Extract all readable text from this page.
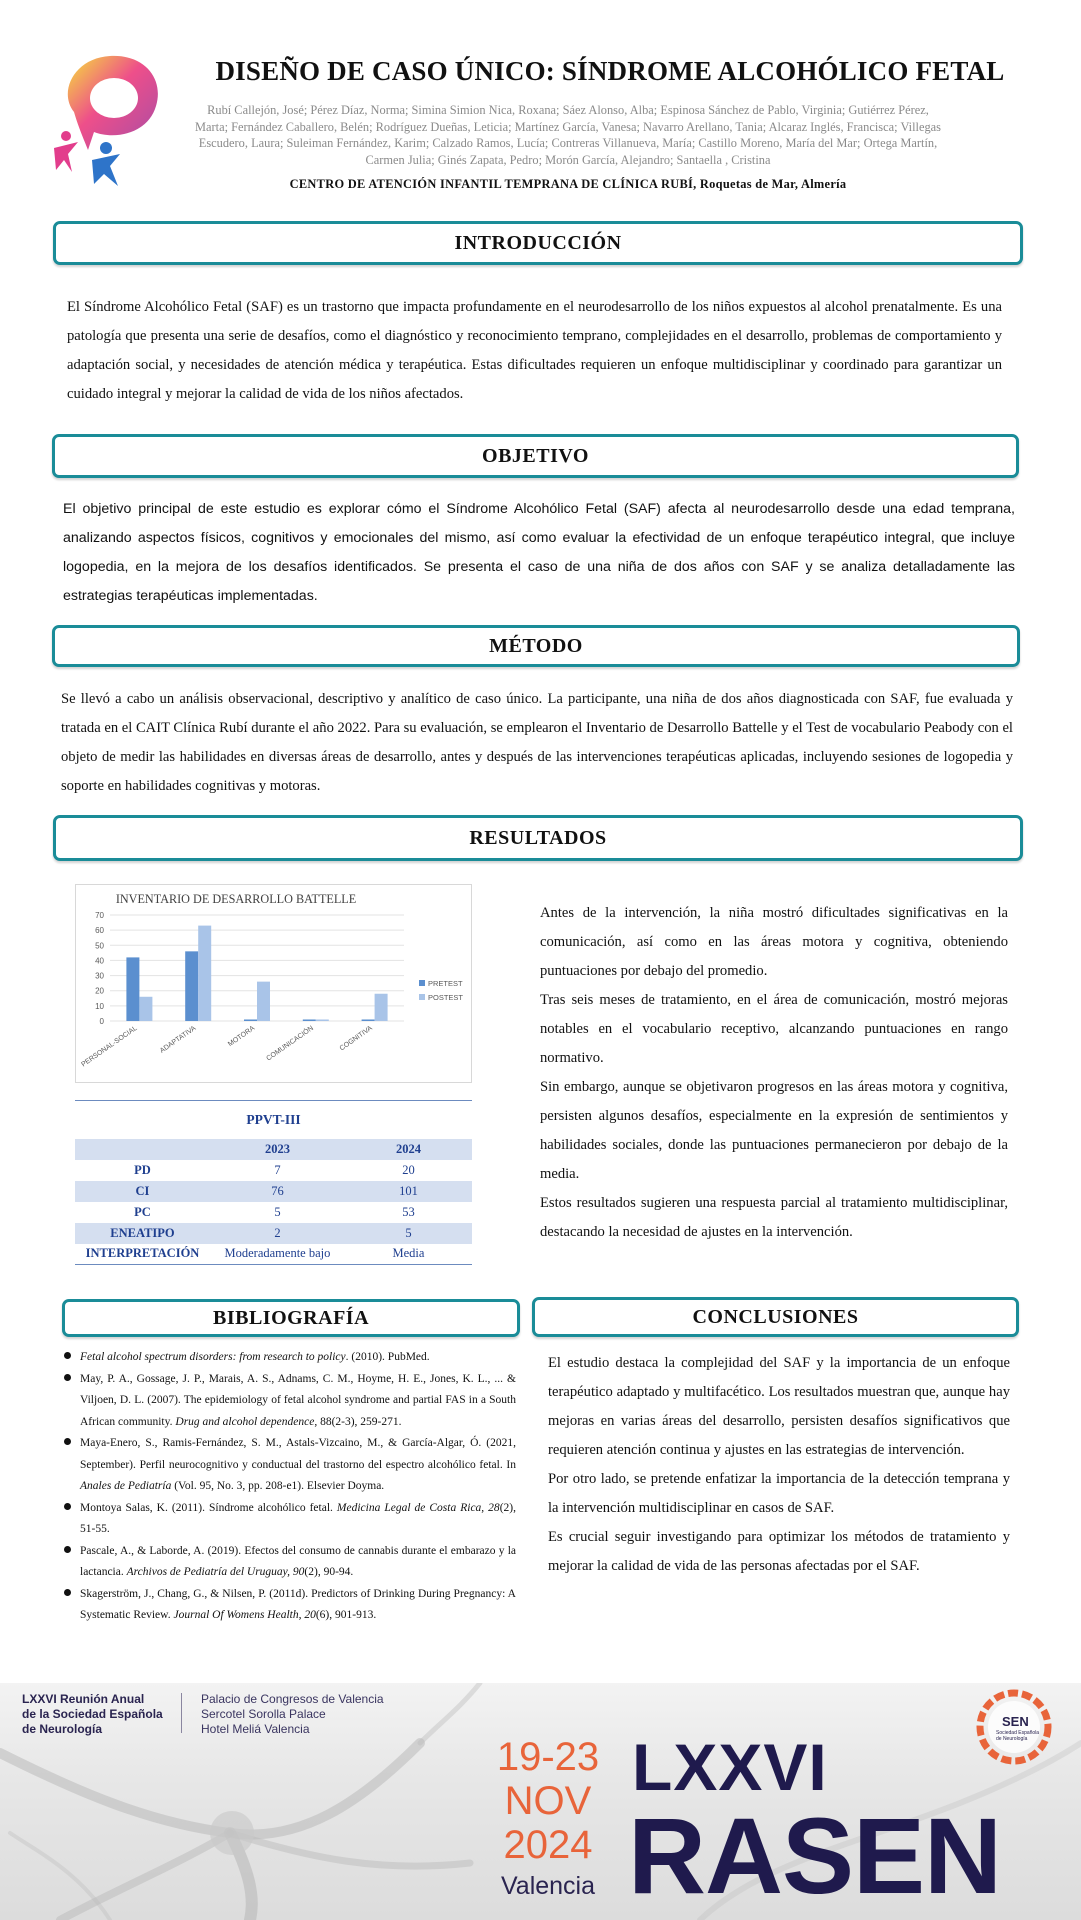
DISEÑO DE CASO ÚNICO: SÍNDROME ALCOHÓLICO FETAL
Rubí Callejón, José; Pérez Díaz, Norma; Simina Simion Nica, Roxana; Sáez Alonso, Alba; Espinosa Sánchez de Pablo, Virginia; Gutiérrez Pérez, Marta; Fernández Caballero, Belén; Rodríguez Dueñas, Leticia; Martínez García, Vanesa; Navarro Arellano, Tania; Alcaraz Inglés, Francisca; Villegas Escudero, Laura; Suleiman Fernández, Karim; Calzado Ramos, Lucía; Contreras Villanueva, María; Castillo Moreno, María del Mar; Ortega Martín, Carmen Julia; Ginés Zapata, Pedro; Morón García, Alejandro; Santaella , Cristina
CENTRO DE ATENCIÓN INFANTIL TEMPRANA DE CLÍNICA RUBÍ, Roquetas de Mar, Almería
INTRODUCCIÓN

El Síndrome Alcohólico Fetal (SAF) es un trastorno que impacta profundamente en el neurodesarrollo de los niños expuestos al alcohol prenatalmente. Es una patología que presenta una serie de desafíos, como el diagnóstico y reconocimiento temprano, complejidades en el desarrollo, problemas de comportamiento y adaptación social, y necesidades de atención médica y terapéutica. Estas dificultades requieren un enfoque multidisciplinar y coordinado para garantizar un cuidado integral y mejorar la calidad de vida de los niños afectados.

OBJETIVO

El objetivo principal de este estudio es explorar cómo el Síndrome Alcohólico Fetal (SAF) afecta al neurodesarrollo desde una edad temprana, analizando aspectos físicos, cognitivos y emocionales del mismo, así como evaluar la efectividad de un enfoque terapéutico integral, que incluye logopedia, en la mejora de los desafíos identificados. Se presenta el caso de una niña de dos años con SAF y se analiza detalladamente las estrategias terapéuticas implementadas.

MÉTODO

Se llevó a cabo un análisis observacional, descriptivo y analítico de caso único. La participante, una niña de dos años diagnosticada con SAF, fue evaluada y tratada en el CAIT Clínica Rubí durante el año 2022. Para su evaluación, se emplearon el Inventario de Desarrollo Battelle y el Test de vocabulario Peabody con el objeto de medir las habilidades en diversas áreas de desarrollo, antes y después de las intervenciones terapéuticas aplicadas, incluyendo sesiones de logopedia y soporte en habilidades cognitivas y motoras.

RESULTADOS
INVENTARIO DE DESARROLLO BATTELLE
0
10
20
30
40
50
60
70
PERSONAL-SOCIAL	ADAPTATIVA	MOTORA COMUNICACIÓN	COGNITIVA
PRETEST
POSTEST
PPVT-III		
	2023	2024
PD	7	20
CI	76	101
PC	5	53
ENEATIPO	2	5
INTERPRETACIÓN	Moderadamente bajo	Media

Antes de la intervención, la niña mostró dificultades significativas en la comunicación, así como en las áreas motora y cognitiva, obteniendo puntuaciones por debajo del promedio.

Tras seis meses de tratamiento, en el área de comunicación, mostró mejoras notables en el vocabulario receptivo, alcanzando puntuaciones en rango normativo.

Sin embargo, aunque se objetivaron progresos en las áreas motora y cognitiva, persisten algunos desafíos, especialmente en la expresión de sentimientos y habilidades sociales, donde las puntuaciones permanecieron por debajo de la media.

Estos resultados sugieren una respuesta parcial al tratamiento multidisciplinar, destacando la necesidad de ajustes en la intervención.

BIBLIOGRAFÍA
Fetal alcohol spectrum disorders: from research to policy. (2010). PubMed.
May, P. A., Gossage, J. P., Marais, A. S., Adnams, C. M., Hoyme, H. E., Jones, K. L., ... & Viljoen, D. L. (2007). The epidemiology of fetal alcohol syndrome and partial FAS in a South African community. Drug and alcohol dependence, 88(2-3), 259-271.
Maya-Enero, S., Ramis-Fernández, S. M., Astals-Vizcaino, M., & García-Algar, Ó. (2021, September). Perfil neurocognitivo y conductual del trastorno del espectro alcohólico fetal. In Anales de Pediatría (Vol. 95, No. 3, pp. 208-e1). Elsevier Doyma.
Montoya Salas, K. (2011). Síndrome alcohólico fetal. Medicina Legal de Costa Rica, 28(2), 51-55.
Pascale, A., & Laborde, A. (2019). Efectos del consumo de cannabis durante el embarazo y la lactancia. Archivos de Pediatría del Uruguay, 90(2), 90-94.
Skagerström, J., Chang, G., & Nilsen, P. (2011d). Predictors of Drinking During Pregnancy: A Systematic Review. Journal Of Womens Health, 20(6), 901-913.
CONCLUSIONES

El estudio destaca la complejidad del SAF y la importancia de un enfoque terapéutico adaptado y multifacético. Los resultados muestran que, aunque hay mejoras en varias áreas del desarrollo, persisten desafíos significativos que requieren atención continua y ajustes en las estrategias de intervención.

Por otro lado, se pretende enfatizar la importancia de la detección temprana y la intervención multidisciplinar en casos de SAF.

Es crucial seguir investigando para optimizar los métodos de tratamiento y mejorar la calidad de vida de las personas afectadas por el SAF.

LXXVI Reunión Anual
de la Sociedad Española
de Neurología
Palacio de Congresos de Valencia
Sercotel Sorolla Palace
Hotel Meliá Valencia
19-23
NOV
2024
Valencia
LXXVI
RASEN
SEN
Sociedad Española de Neurología
